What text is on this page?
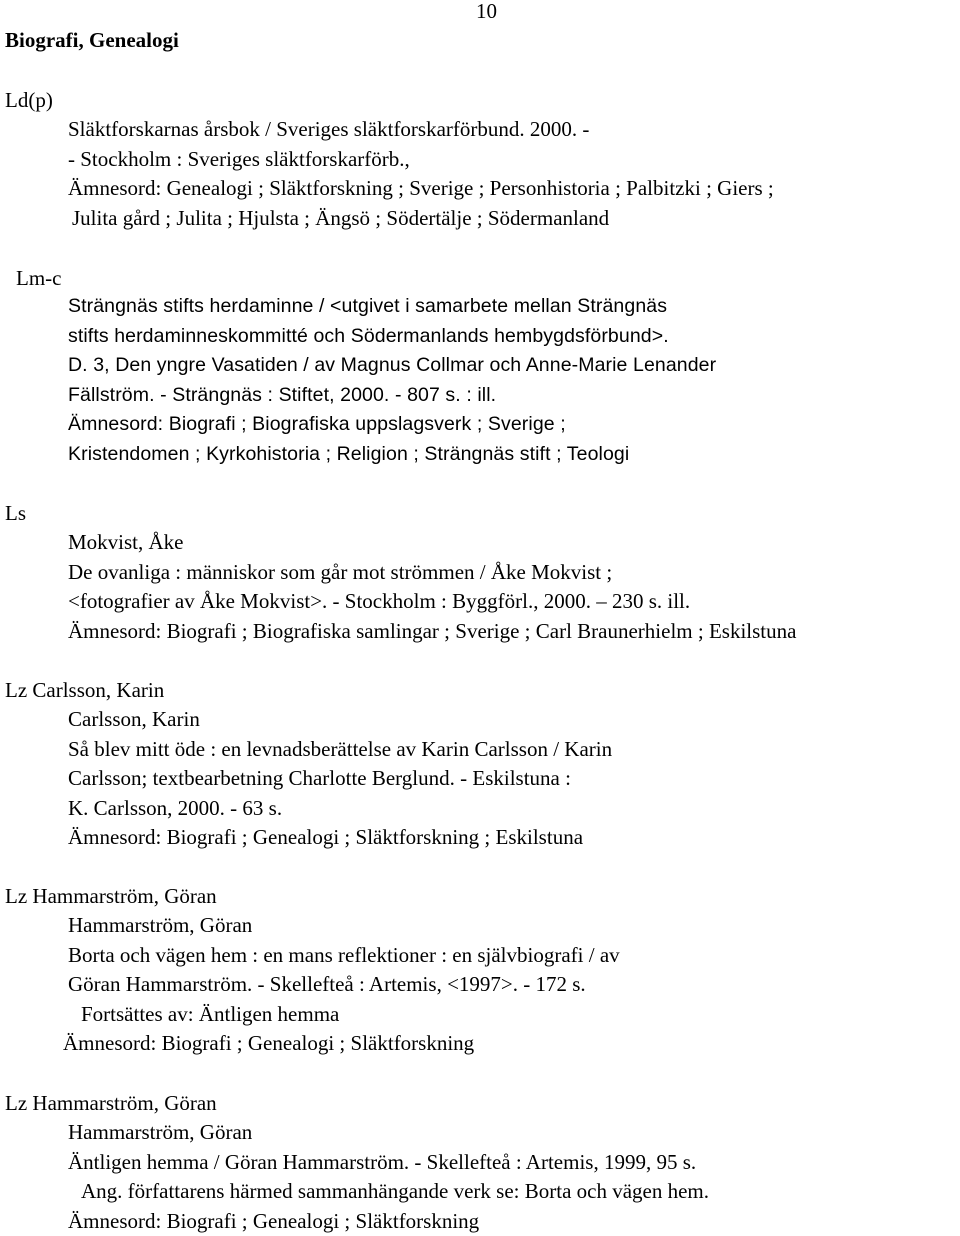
Biografi, Genealogi
10
Ld(p)
Släktforskarnas årsbok / Sveriges släktforskarförbund. 2000. -
- Stockholm : Sveriges släktforskarförb.,
Ämnesord: Genealogi ; Släktforskning ; Sverige ; Personhistoria ; Palbitzki ; Giers ;
Julita gård ; Julita ; Hjulsta ; Ängsö ; Södertälje ; Södermanland
Lm-c
Strängnäs stifts herdaminne / <utgivet i samarbete mellan Strängnäs
stifts herdaminneskommitté och Södermanlands hembygdsförbund>.
D. 3, Den yngre Vasatiden / av Magnus Collmar och Anne-Marie Lenander
Fällström. - Strängnäs : Stiftet, 2000. - 807 s. : ill.
Ämnesord: Biografi ; Biografiska uppslagsverk ; Sverige ;
Kristendomen ; Kyrkohistoria ; Religion ; Strängnäs stift ; Teologi
Ls
Mokvist, Åke
De ovanliga : människor som går mot strömmen / Åke Mokvist ;
<fotografier av Åke Mokvist>. - Stockholm : Byggförl., 2000. – 230 s. ill.
Ämnesord: Biografi ; Biografiska samlingar ; Sverige ; Carl Braunerhielm ; Eskilstuna
Lz Carlsson, Karin
Carlsson, Karin
Så blev mitt öde : en levnadsberättelse av Karin Carlsson / Karin
Carlsson; textbearbetning Charlotte Berglund. - Eskilstuna :
K. Carlsson, 2000. - 63 s.
Ämnesord: Biografi ; Genealogi ; Släktforskning ; Eskilstuna
Lz Hammarström, Göran
Hammarström, Göran
Borta och vägen hem : en mans reflektioner : en självbiografi / av
Göran Hammarström. - Skellefteå : Artemis, <1997>. - 172 s.
Fortsättes av: Äntligen hemma
Ämnesord: Biografi ; Genealogi ; Släktforskning
Lz Hammarström, Göran
Hammarström, Göran
Äntligen hemma / Göran Hammarström. - Skellefteå : Artemis, 1999, 95 s.
Ang. författarens härmed sammanhängande verk se: Borta och vägen hem.
Ämnesord: Biografi ; Genealogi ; Släktforskning
